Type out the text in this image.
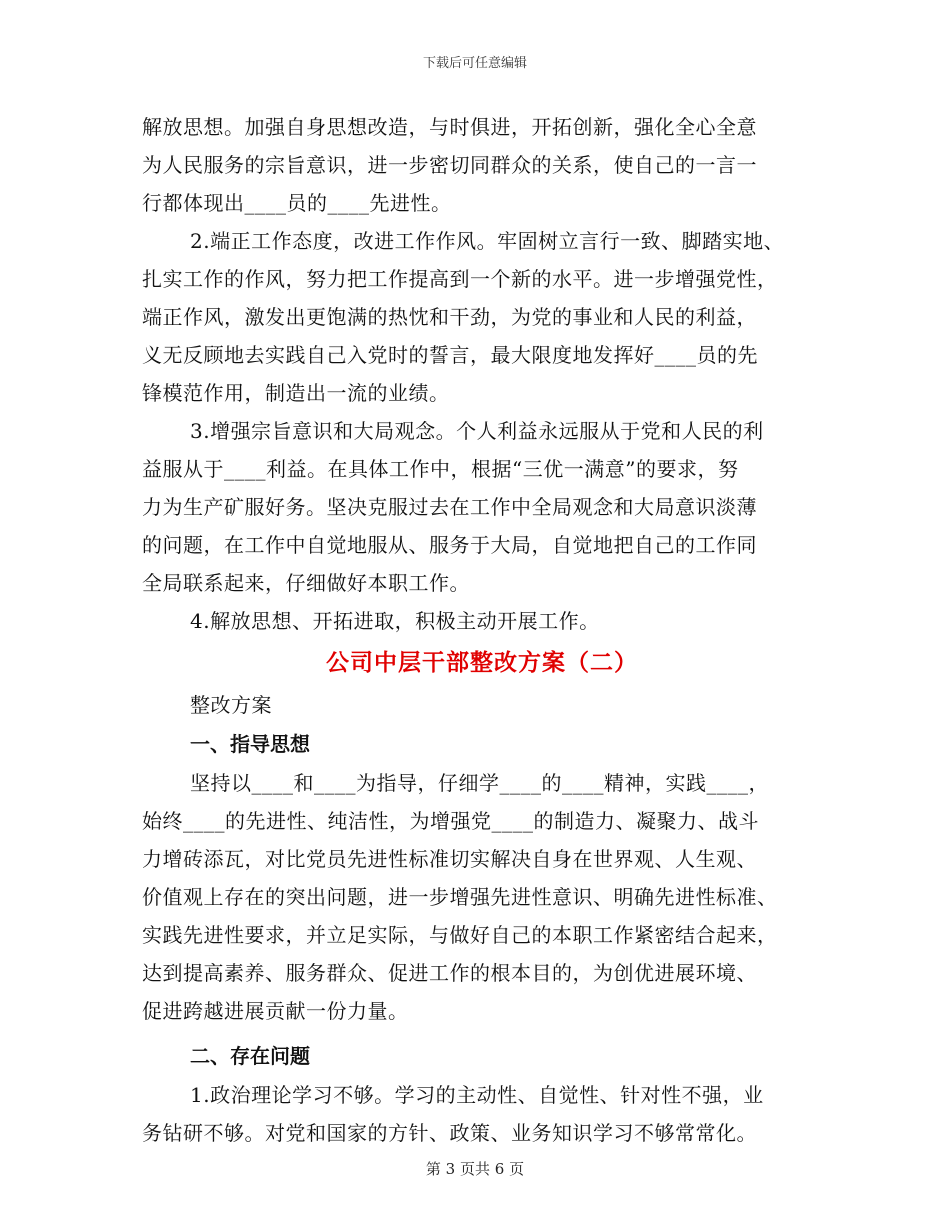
下载后可任意编辑
解放思想。加强自身思想改造，与时俱进，开拓创新，强化全心全意
为人民服务的宗旨意识，进一步密切同群众的关系，使自己的一言一
行都体现出____员的____先进性。
2.端正工作态度，改进工作作风。牢固树立言行一致、脚踏实地、
扎实工作的作风，努力把工作提高到一个新的水平。进一步增强党性，
端正作风，激发出更饱满的热忱和干劲，为党的事业和人民的利益，
义无反顾地去实践自己入党时的誓言，最大限度地发挥好____员的先
锋模范作用，制造出一流的业绩。
3.增强宗旨意识和大局观念。个人利益永远服从于党和人民的利
益服从于____利益。在具体工作中，根据“三优一满意”的要求，努
力为生产矿服好务。坚决克服过去在工作中全局观念和大局意识淡薄
的问题，在工作中自觉地服从、服务于大局，自觉地把自己的工作同
全局联系起来，仔细做好本职工作。
4.解放思想、开拓进取，积极主动开展工作。
公司中层干部整改方案（二）
整改方案
一、指导思想
坚持以____和____为指导，仔细学____的____精神，实践____，
始终____的先进性、纯洁性，为增强党____的制造力、凝聚力、战斗
力增砖添瓦，对比党员先进性标准切实解决自身在世界观、人生观、
价值观上存在的突出问题，进一步增强先进性意识、明确先进性标准、
实践先进性要求，并立足实际，与做好自己的本职工作紧密结合起来，
达到提高素养、服务群众、促进工作的根本目的，为创优进展环境、
促进跨越进展贡献一份力量。
二、存在问题
1.政治理论学习不够。学习的主动性、自觉性、针对性不强，业
务钻研不够。对党和国家的方针、政策、业务知识学习不够常常化。
第 3 页共 6 页
